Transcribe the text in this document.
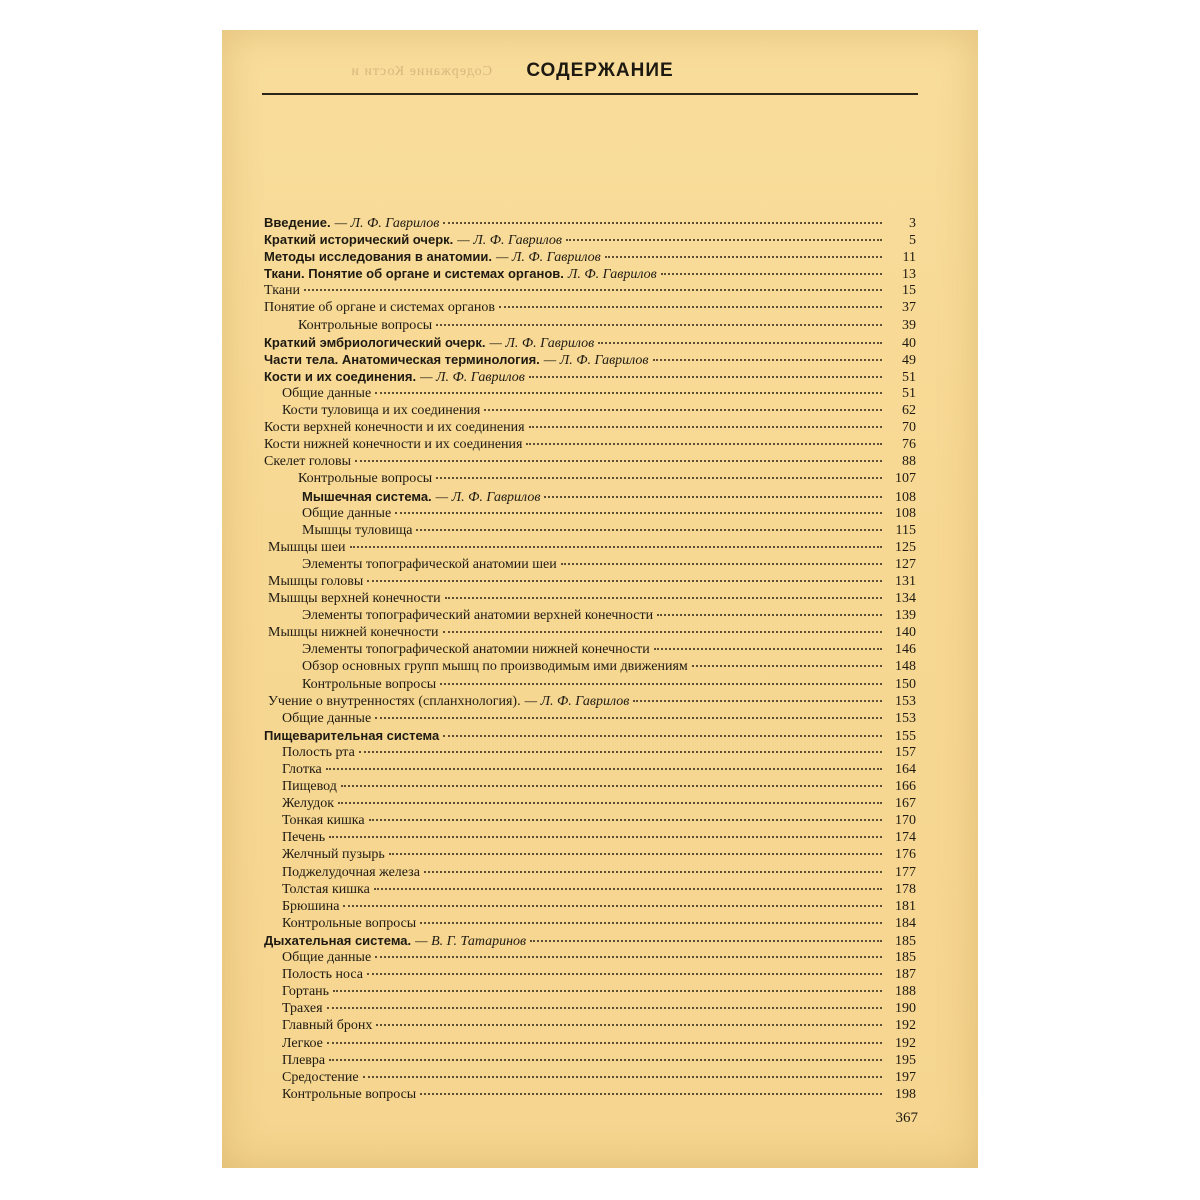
Содержание Кости и	СОДЕРЖАНИЕ
Введение. — Л. Ф. Гаврилов	3
Краткий исторический очерк. — Л. Ф. Гаврилов	5
Методы исследования в анатомии. — Л. Ф. Гаврилов	11
Ткани. Понятие об органе и системах органов. Л. Ф. Гаврилов	13
Ткани	15
Понятие об органе и системах органов	37
Контрольные вопросы	39
Краткий эмбриологический очерк. — Л. Ф. Гаврилов	40
Части тела. Анатомическая терминология. — Л. Ф. Гаврилов	49
Кости и их соединения. — Л. Ф. Гаврилов	51
Общие данные	51
Кости туловища и их соединения	62
Кости верхней конечности и их соединения	70
Кости нижней конечности и их соединения	76
Скелет головы	88
Контрольные вопросы	107
Мышечная система. — Л. Ф. Гаврилов	108
Общие данные	108
Мышцы туловища	115
Мышцы шеи	125
Элементы топографической анатомии шеи	127
Мышцы головы	131
Мышцы верхней конечности	134
Элементы топографический анатомии верхней конечности	139
Мышцы нижней конечности	140
Элементы топографической анатомии нижней конечности	146
Обзор основных групп мышц по производимым ими движениям	148
Контрольные вопросы	150
Учение о внутренностях (спланхнология). — Л. Ф. Гаврилов	153
Общие данные	153
Пищеварительная система	155
Полость рта	157
Глотка	164
Пищевод	166
Желудок	167
Тонкая кишка	170
Печень	174
Желчный пузырь	176
Поджелудочная железа	177
Толстая кишка	178
Брюшина	181
Контрольные вопросы	184
Дыхательная система. — В. Г. Татаринов	185
Общие данные	185
Полость носа	187
Гортань	188
Трахея	190
Главный бронх	192
Легкое	192
Плевра	195
Средостение	197
Контрольные вопросы	198
367
